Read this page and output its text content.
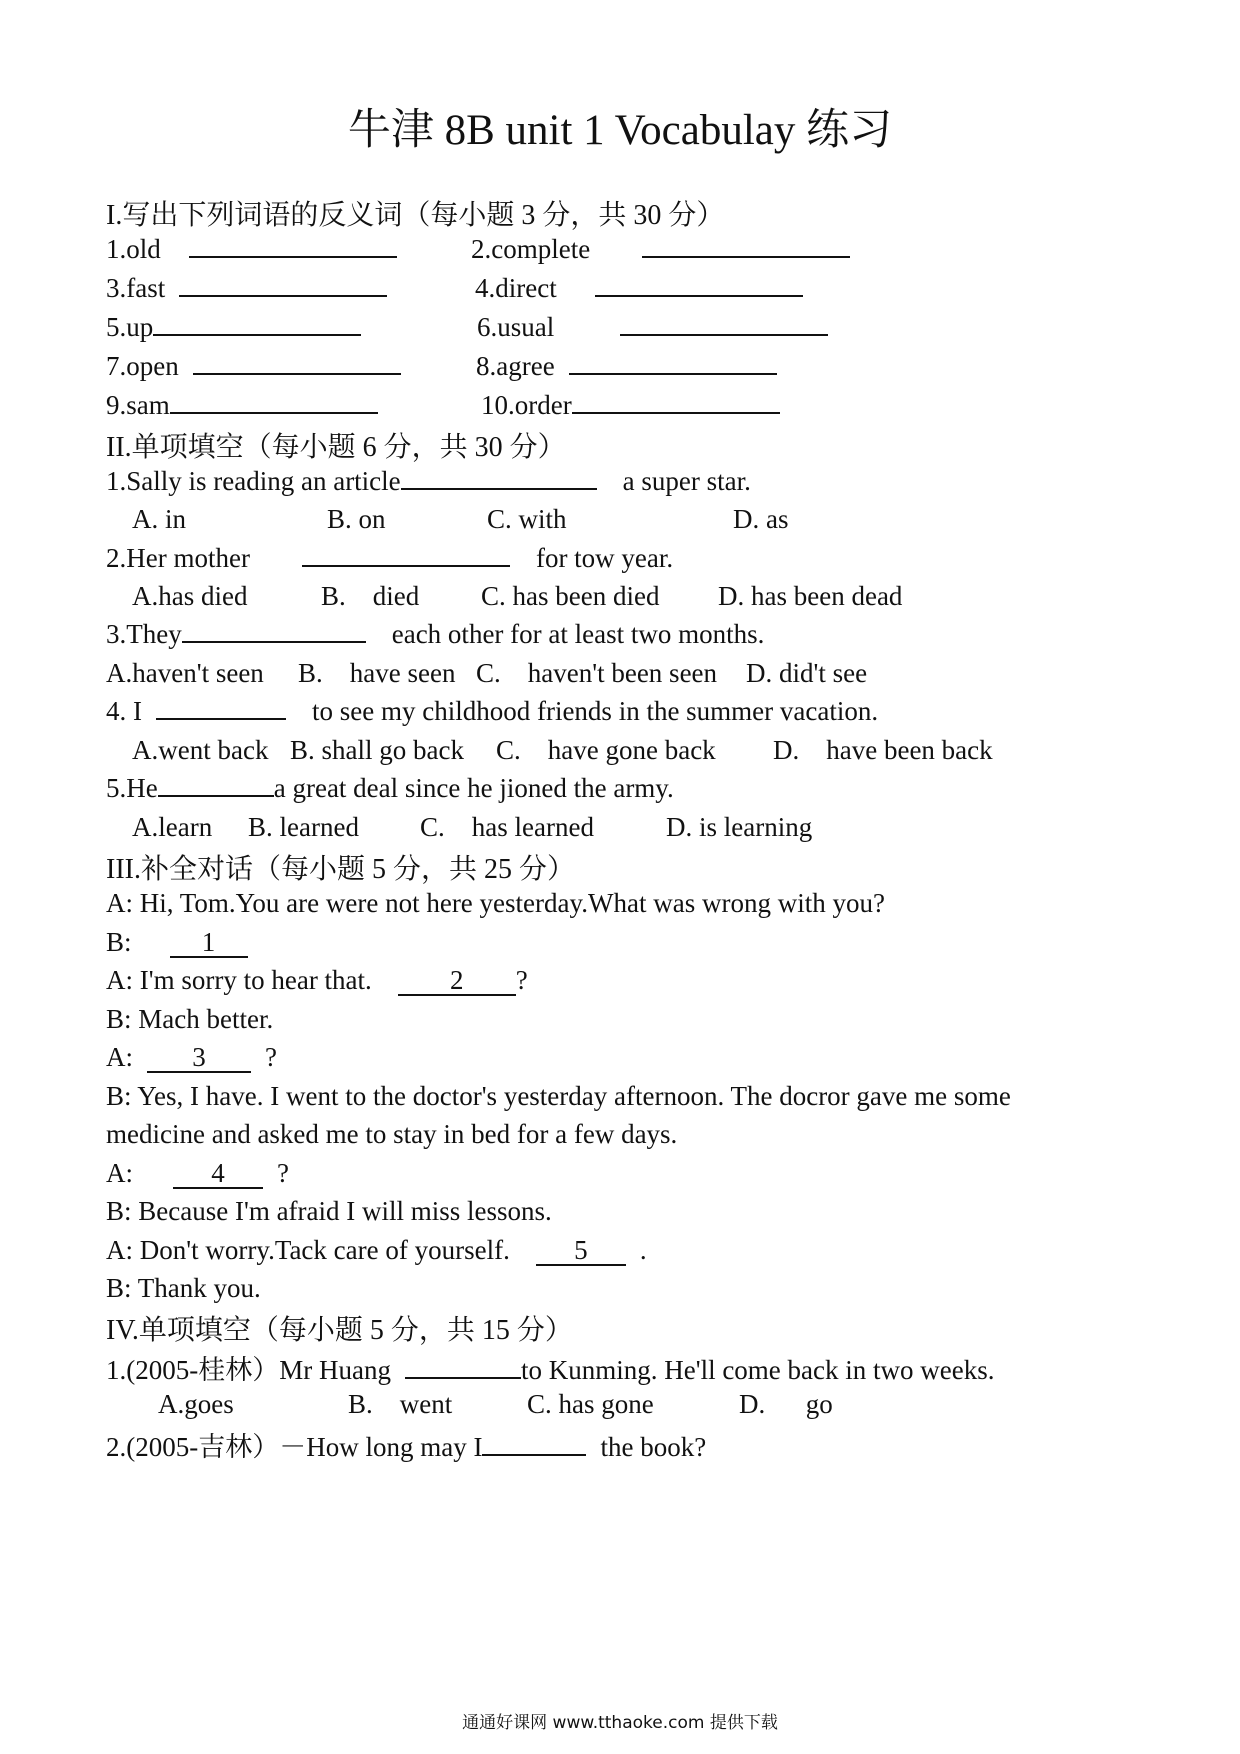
牛津 8B unit 1 Vocabulay 练习
I.写出下列词语的反义词（每小题 3 分，共 30 分）
1.old	2.complete
3.fast	4.direct
5.up	6.usual
7.open	8.agree
9.sam	10.order
II.单项填空（每小题 6 分，共 30 分）
1.Sally is reading an article	a super star.
A. in	B. on	C. with	D. as
2.Her mother	for tow year.
A.has died	B.    died C. has been died D. has been dead
3.They	each other for at least two months.
A.haven't seen B.    have seen C.    haven't been seen D. did't see
4. I	to see my childhood friends in the summer vacation.
A.went back B. shall go back C.    have gone back D.    have been back
5.He	a great deal since he jioned the army.
A.learn B. learned C.    has learned	D. is learning
III.补全对话（每小题 5 分，共 25 分）
A: Hi, Tom.You are were not here yesterday.What was wrong with you?
B:	1
A: I'm sorry to hear that.	2 ?
B: Mach better.
A: 3 ?
B: Yes, I have. I went to the doctor's yesterday afternoon. The docror gave me some
medicine and asked me to stay in bed for a few days.
A:	4 ?
B: Because I'm afraid I will miss lessons.
A: Don't worry.Tack care of yourself. 5 .
B: Thank you.
IV.单项填空（每小题 5 分，共 15 分）
1.(2005-桂林）Mr Huang	to Kunming. He'll come back in two weeks.
A.goes	B.    went	C. has gone	D.      go
2.(2005-吉林）－How long may I	the book?
通通好课网 www.tthaoke.com 提供下载
